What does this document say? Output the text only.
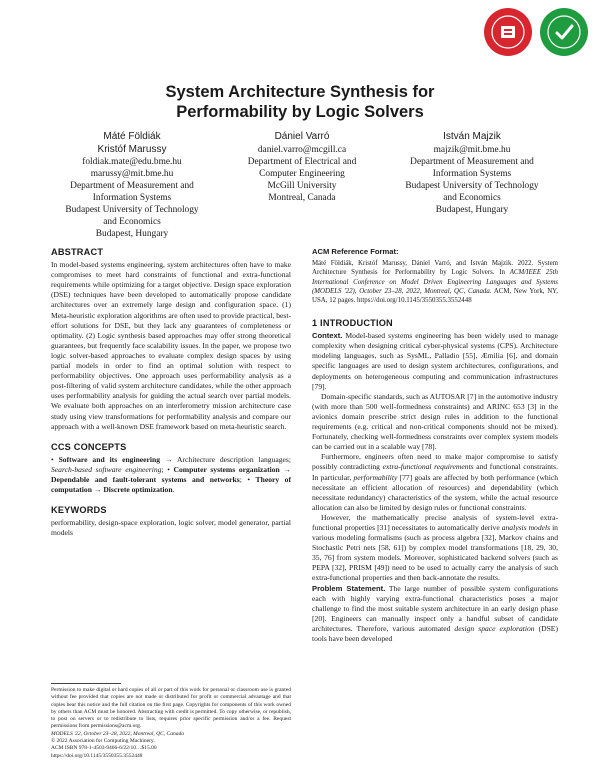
System Architecture Synthesis for
Performability by Logic Solvers
Máté Földiák
Kristóf Marussy
foldiak.mate@edu.bme.hu
marussy@mit.bme.hu
Department of Measurement and
Information Systems
Budapest University of Technology
and Economics
Budapest, Hungary
Dániel Varró
daniel.varro@mcgill.ca
Department of Electrical and
Computer Engineering
McGill University
Montreal, Canada
István Majzik
majzik@mit.bme.hu
Department of Measurement and
Information Systems
Budapest University of Technology
and Economics
Budapest, Hungary
ABSTRACT

In model-based systems engineering, system architectures often have to make compromises to meet hard constraints of functional and extra-functional requirements while optimizing for a target objective. Design space exploration (DSE) techniques have been developed to automatically propose candidate architectures over an extremely large design and configuration space. (1) Meta-heuristic exploration algorithms are often used to provide practical, best-effort solutions for DSE, but they lack any guarantees of completeness or optimality. (2) Logic synthesis based approaches may offer strong theoretical guarantees, but frequently face scalability issues. In the paper, we propose two logic solver-based approaches to evaluate complex design spaces by using partial models in order to find an optimal solution with respect to performability objectives. One approach uses performability analysis as a post-filtering of valid system architecture candidates, while the other approach uses performability analysis for guiding the actual search over partial models. We evaluate both approaches on an interferometry mission architecture case study using view transformations for performability analysis and compare our approach with a well-known DSE framework based on meta-heuristic search.

CCS CONCEPTS

• Software and its engineering → Architecture description languages; Search-based software engineering; • Computer systems organization → Dependable and fault-tolerant systems and networks; • Theory of computation → Discrete optimization.

KEYWORDS

performability, design-space exploration, logic solver, model generator, partial models

Permission to make digital or hard copies of all or part of this work for personal or classroom use is granted without fee provided that copies are not made or distributed for profit or commercial advantage and that copies bear this notice and the full citation on the first page. Copyrights for components of this work owned by others than ACM must be honored. Abstracting with credit is permitted. To copy otherwise, or republish, to post on servers or to redistribute to lists, requires prior specific permission and/or a fee. Request permissions from permissions@acm.org.
MODELS '22, October 23–28, 2022, Montreal, QC, Canada
© 2022 Association for Computing Machinery.
ACM ISBN 978-1-4503-9466-6/22/10…$15.00
https://doi.org/10.1145/3550355.3552448
ACM Reference Format:

Máté Földiák, Kristóf Marussy, Dániel Varró, and István Majzik. 2022. System Architecture Synthesis for Performability by Logic Solvers. In ACM/IEEE 25th International Conference on Model Driven Engineering Languages and Systems (MODELS '22), October 23–28, 2022, Montreal, QC, Canada. ACM, New York, NY, USA, 12 pages. https://doi.org/10.1145/3550355.3552448

1 INTRODUCTION

Context. Model-based systems engineering has been widely used to manage complexity when designing critical cyber-physical systems (CPS). Architecture modeling languages, such as SysML, Palladio [55], Æmilia [6], and domain specific languages are used to design system architectures, configurations, and deployments on heterogeneous computing and communication infrastructures [79].

Domain-specific standards, such as AUTOSAR [7] in the automotive industry (with more than 500 well-formedness constraints) and ARINC 653 [3] in the avionics domain prescribe strict design rules in addition to the functional requirements (e.g. critical and non-critical components should not be mixed). Fortunately, checking well-formedness constraints over complex system models can be carried out in a scalable way [78].

Furthermore, engineers often need to make major compromise to satisfy possibly contradicting extra-functional requirements and functional constraints. In particular, performability [77] goals are affected by both performance (which necessitate an efficient allocation of resources) and dependability (which necessitate redundancy) characteristics of the system, while the actual resource allocation can also be limited by design rules or functional constraints.

However, the mathematically precise analysis of system-level extra-functional properties [31] necessitates to automatically derive analysis models in various modeling formalisms (such as process algebra [32], Markov chains and Stochastic Petri nets [58, 61]) by complex model transformations [18, 29, 30, 35, 76] from system models. Moreover, sophisticated backend solvers (such as PEPA [32], PRISM [49]) need to be used to actually carry the analysis of such extra-functional properties and then back-annotate the results.

Problem Statement. The large number of possible system configurations each with highly varying extra-functional characteristics poses a major challenge to find the most suitable system architecture in an early design phase [20]. Engineers can manually inspect only a handful subset of candidate architectures. Therefore, various automated design space exploration (DSE) tools have been developed
